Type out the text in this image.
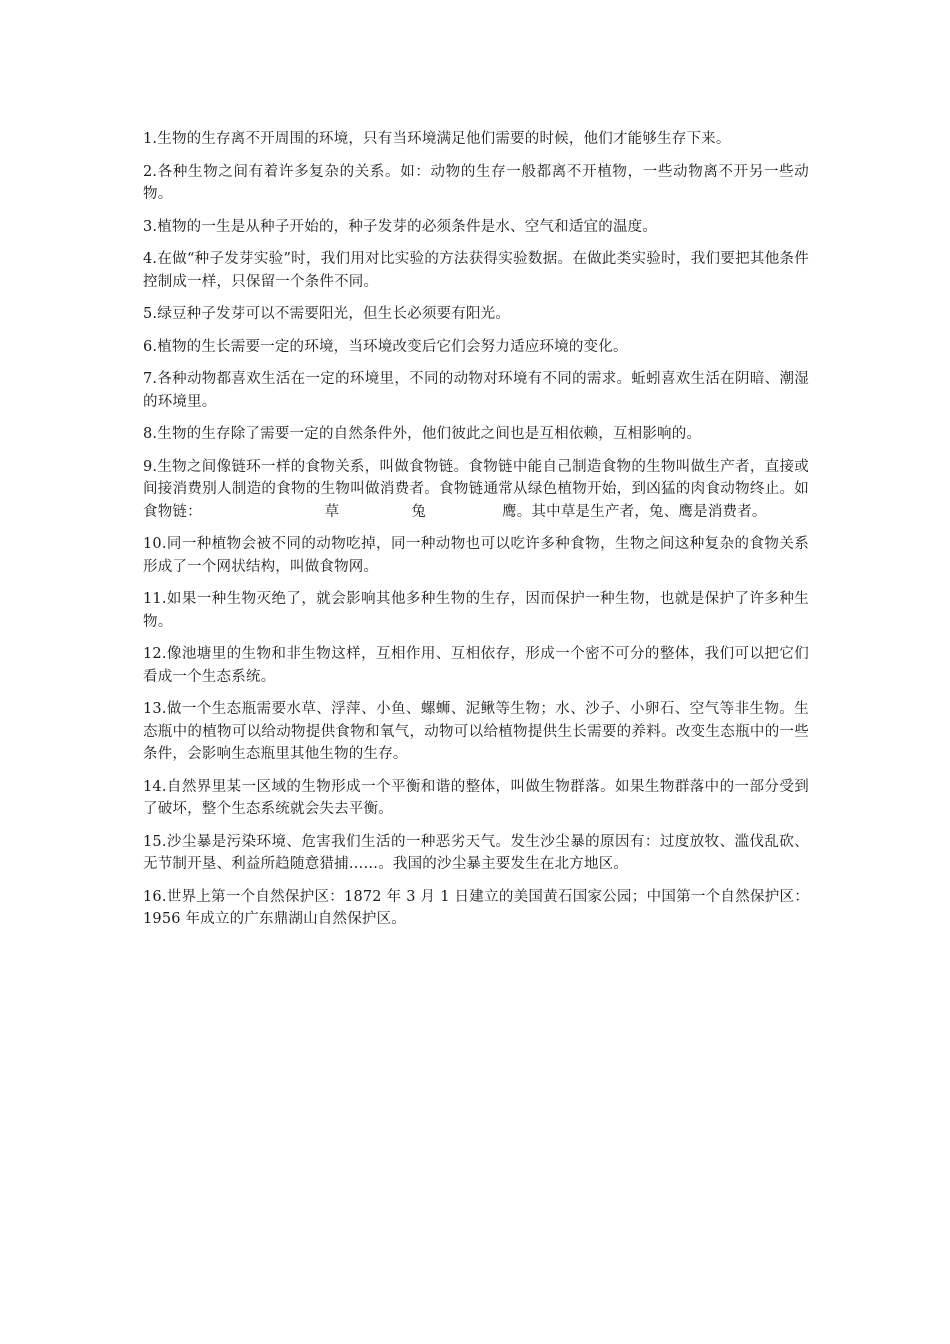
1.生物的生存离不开周围的环境，只有当环境满足他们需要的时候，他们才能够生存下来。

2.各种生物之间有着许多复杂的关系。如：动物的生存一般都离不开植物，一些动物离不开另一些动物。

3.植物的一生是从种子开始的，种子发芽的必须条件是水、空气和适宜的温度。

4.在做“种子发芽实验”时，我们用对比实验的方法获得实验数据。在做此类实验时，我们要把其他条件控制成一样，只保留一个条件不同。

5.绿豆种子发芽可以不需要阳光，但生长必须要有阳光。

6.植物的生长需要一定的环境，当环境改变后它们会努力适应环境的变化。

7.各种动物都喜欢生活在一定的环境里，不同的动物对环境有不同的需求。蚯蚓喜欢生活在阴暗、潮湿的环境里。

8.生物的生存除了需要一定的自然条件外，他们彼此之间也是互相依赖，互相影响的。

9.生物之间像链环一样的食物关系，叫做食物链。食物链中能自己制造食物的生物叫做生产者，直接或间接消费别人制造的食物的生物叫做消费者。食物链通常从绿色植物开始，到凶猛的肉食动物终止。如食物链：	草	兔	鹰。其中草是生产者，兔、鹰是消费者。

10.同一种植物会被不同的动物吃掉，同一种动物也可以吃许多种食物，生物之间这种复杂的食物关系形成了一个网状结构，叫做食物网。

11.如果一种生物灭绝了，就会影响其他多种生物的生存，因而保护一种生物，也就是保护了许多种生物。

12.像池塘里的生物和非生物这样，互相作用、互相依存，形成一个密不可分的整体，我们可以把它们看成一个生态系统。

13.做一个生态瓶需要水草、浮萍、小鱼、螺蛳、泥鳅等生物；水、沙子、小卵石、空气等非生物。生态瓶中的植物可以给动物提供食物和氧气，动物可以给植物提供生长需要的养料。改变生态瓶中的一些条件，会影响生态瓶里其他生物的生存。

14.自然界里某一区域的生物形成一个平衡和谐的整体，叫做生物群落。如果生物群落中的一部分受到了破坏，整个生态系统就会失去平衡。

15.沙尘暴是污染环境、危害我们生活的一种恶劣天气。发生沙尘暴的原因有：过度放牧、滥伐乱砍、无节制开垦、利益所趋随意猎捕……。我国的沙尘暴主要发生在北方地区。

16.世界上第一个自然保护区：1872 年 3 月 1 日建立的美国黄石国家公园；中国第一个自然保护区：1956 年成立的广东鼎湖山自然保护区。
